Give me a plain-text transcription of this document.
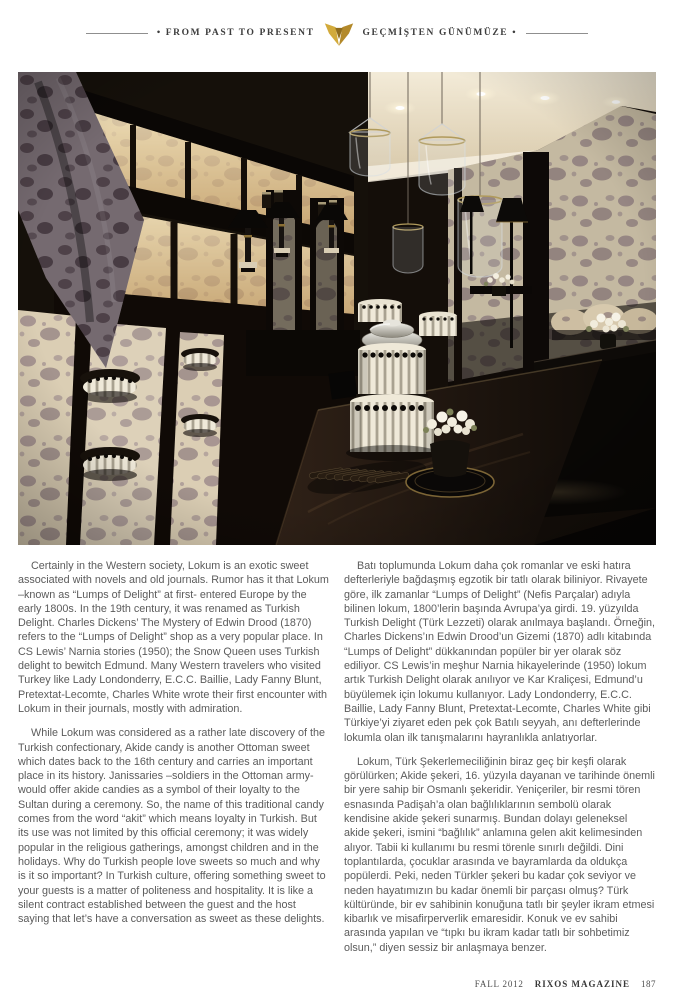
• FROM PAST TO PRESENT	GEÇMİŞTEN GÜNÜMÜZE •

Certainly in the Western society, Lokum is an exotic sweet associated with novels and old journals. Rumor has it that Lokum –known as “Lumps of Delight” at first- entered Europe by the early 1800s. In the 19th century, it was renamed as Turkish Delight. Charles Dickens’ The Mystery of Edwin Drood (1870) refers to the “Lumps of Delight” shop as a very popular place. In CS Lewis’ Narnia stories (1950); the Snow Queen uses Turkish delight to bewitch Edmund. Many Western travelers who visited Turkey like Lady Londonderry, E.C.C. Baillie, Lady Fanny Blunt, Pretextat-Lecomte, Charles White wrote their first encounter with Lokum in their journals, mostly with admiration.

While Lokum was considered as a rather late discovery of the Turkish confectionary, Akide candy is another Ottoman sweet which dates back to the 16th century and carries an important place in its history. Janissaries –soldiers in the Ottoman army- would offer akide candies as a symbol of their loyalty to the Sultan during a ceremony. So, the name of this traditional candy comes from the word “akit” which means loyalty in Turkish. But its use was not limited by this official ceremony; it was widely popular in the religious gatherings, amongst children and in the holidays. Why do Turkish people love sweets so much and why is it so important? In Turkish culture, offering something sweet to your guests is a matter of politeness and hospitality. It is like a silent contract established between the guest and the host saying that let’s have a conversation as sweet as these delights.

Batı toplumunda Lokum daha çok romanlar ve eski hatıra defterleriyle bağdaşmış egzotik bir tatlı olarak biliniyor. Rivayete göre, ilk zamanlar “Lumps of Delight” (Nefis Parçalar) adıyla bilinen lokum, 1800’lerin başında Avrupa’ya girdi. 19. yüzyılda Turkish Delight (Türk Lezzeti) olarak anılmaya başlandı. Örneğin, Charles Dickens’ın Edwin Drood’un Gizemi (1870) adlı kitabında “Lumps of Delight” dükkanından popüler bir yer olarak söz ediliyor. CS Lewis’in meşhur Narnia hikayelerinde (1950) lokum artık Turkish Delight olarak anılıyor ve Kar Kraliçesi, Edmund’u büyülemek için lokumu kullanıyor. Lady Londonderry, E.C.C. Baillie, Lady Fanny Blunt, Pretextat-Lecomte, Charles White gibi Türkiye’yi ziyaret eden pek çok Batılı seyyah, anı defterlerinde lokumla olan ilk tanışmalarını hayranlıkla anlatıyorlar.

Lokum, Türk Şekerlemeciliğinin biraz geç bir keşfi olarak görülürken; Akide şekeri, 16. yüzyıla dayanan ve tarihinde önemli bir yere sahip bir Osmanlı şekeridir. Yeniçeriler, bir resmi tören esnasında Padişah’a olan bağlılıklarının sembolü olarak kendisine akide şekeri sunarmış. Bundan dolayı geleneksel akide şekeri, ismini “bağlılık” anlamına gelen akit kelimesinden alıyor. Tabii ki kullanımı bu resmi törenle sınırlı değildi. Dini toplantılarda, çocuklar arasında ve bayramlarda da oldukça popülerdi. Peki, neden Türkler şekeri bu kadar çok seviyor ve neden hayatımızın bu kadar önemli bir parçası olmuş? Türk kültüründe, bir ev sahibinin konuğuna tatlı bir şeyler ikram etmesi kibarlık ve misafirperverlik emaresidir. Konuk ve ev sahibi arasında yapılan ve “tıpkı bu ikram kadar tatlı bir sohbetimiz olsun,” diyen sessiz bir anlaşmaya benzer.

FALL 2012 RIXOS MAGAZINE 187
